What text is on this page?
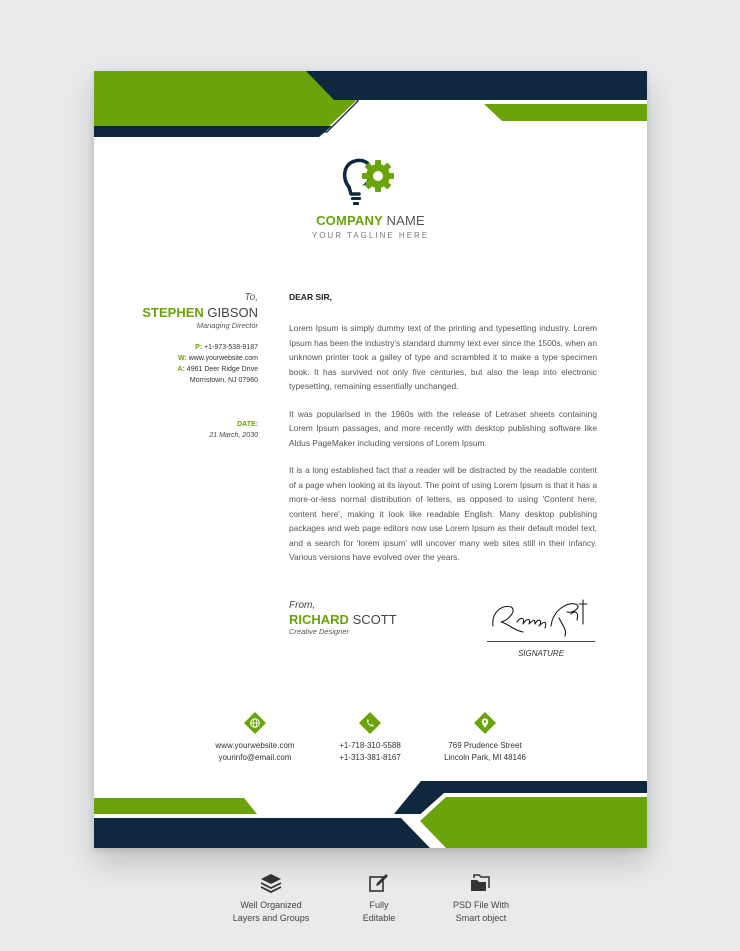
COMPANY NAME
YOUR TAGLINE HERE
To,
STEPHEN GIBSON
Managing Director
P: +1-973-538-9187
W: www.yourwebsite.com
A: 4961 Deer Ridge Drive
Morristown, NJ 07960
DATE:
21 March, 2030
DEAR SIR,

Lorem Ipsum is simply dummy text of the printing and typesetting industry. Lorem Ipsum has been the industry's standard dummy text ever since the 1500s, when an unknown printer took a galley of type and scrambled it to make a type specimen book. It has survived not only five centuries, but also the leap into electronic typesetting, remaining essentially unchanged.

It was popularised in the 1960s with the release of Letraset sheets containing Lorem Ipsum passages, and more recently with desktop publishing software like Aldus PageMaker including versions of Lorem Ipsum.

It is a long established fact that a reader will be distracted by the readable content of a page when looking at its layout. The point of using Lorem Ipsum is that it has a more-or-less normal distribution of letters, as opposed to using 'Content here, content here', making it look like readable English. Many desktop publishing packages and web page editors now use Lorem Ipsum as their default model text, and a search for 'lorem ipsum' will uncover many web sites still in their infancy. Various versions have evolved over the years.

From,
RICHARD SCOTT
Creative Designer
SIGNATURE
www.yourwebsite.com
yourinfo@email.com
+1-718-310-5588
+1-313-381-8167
769 Prudence Street
Lincoln Park, MI 48146
Well Organized
Layers and Groups
Fully
Editable
PSD File With
Smart object
